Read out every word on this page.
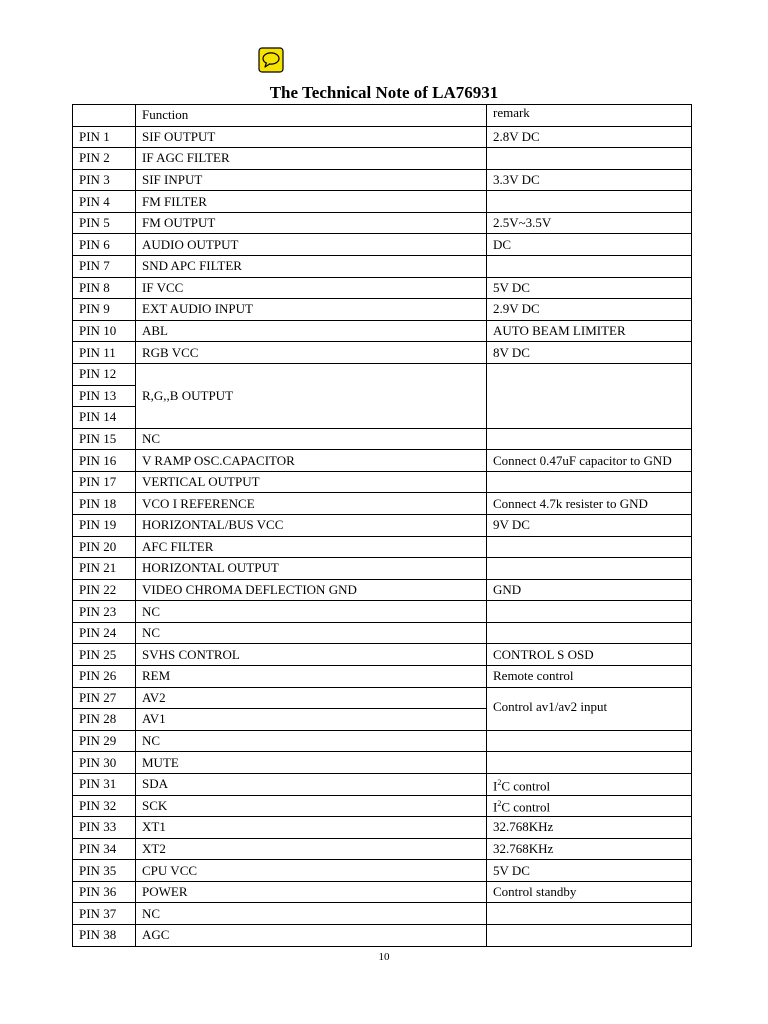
The Technical Note of LA76931
	Function	remark
PIN 1	SIF OUTPUT	2.8V DC
PIN 2	IF AGC FILTER	
PIN 3	SIF INPUT	3.3V DC
PIN 4	FM FILTER	
PIN 5	FM OUTPUT	2.5V~3.5V
PIN 6	AUDIO OUTPUT	DC
PIN 7	SND APC FILTER	
PIN 8	IF VCC	5V DC
PIN 9	EXT AUDIO INPUT	2.9V DC
PIN 10	ABL	AUTO BEAM LIMITER
PIN 11	RGB VCC	8V DC
PIN 12	R,G,,B OUTPUT	
PIN 13		
PIN 14		
PIN 15	NC	
PIN 16	V RAMP OSC.CAPACITOR	Connect 0.47uF capacitor to GND
PIN 17	VERTICAL OUTPUT	
PIN 18	VCO I REFERENCE	Connect 4.7k resister to GND
PIN 19	HORIZONTAL/BUS VCC	9V DC
PIN 20	AFC FILTER	
PIN 21	HORIZONTAL OUTPUT	
PIN 22	VIDEO CHROMA DEFLECTION GND	GND
PIN 23	NC	
PIN 24	NC	
PIN 25	SVHS CONTROL	CONTROL S OSD
PIN 26	REM	Remote control
PIN 27	AV2	Control av1/av2 input
PIN 28	AV1	
PIN 29	NC	
PIN 30	MUTE	
PIN 31	SDA	$I^2C$ control
PIN 32	SCK	$I^2C$ control
PIN 33	XT1	32.768KHz
PIN 34	XT2	32.768KHz
PIN 35	CPU VCC	5V DC
PIN 36	POWER	Control standby
PIN 37	NC	
PIN 38	AGC	
10
